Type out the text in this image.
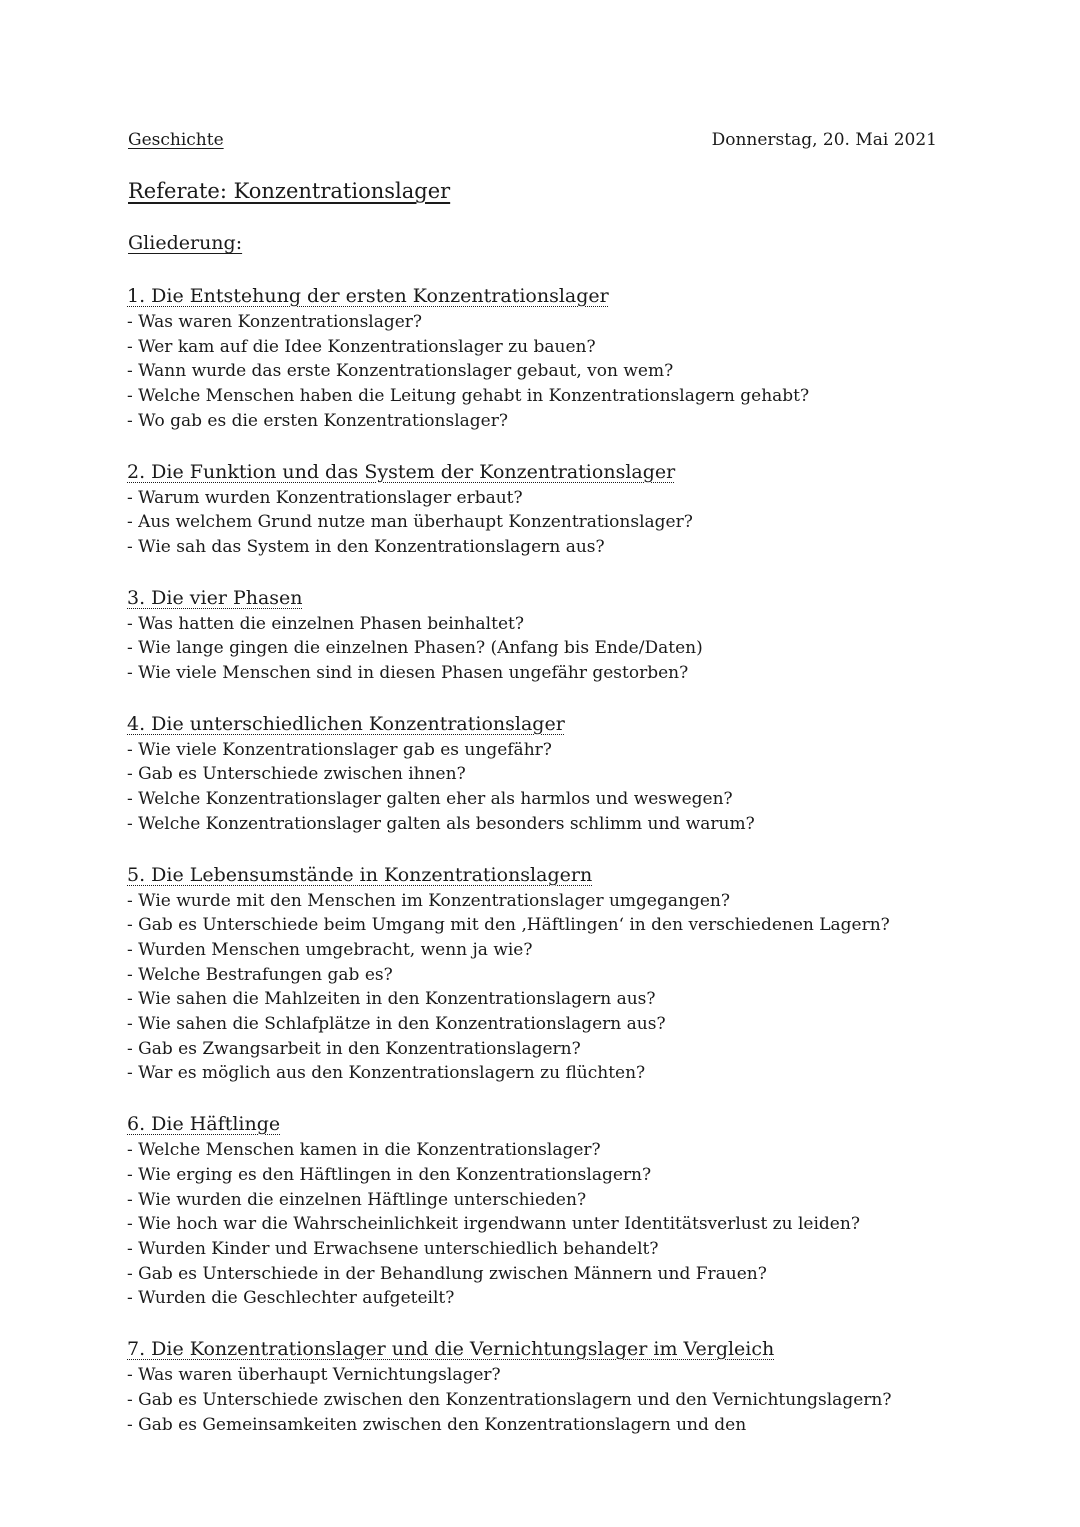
Geschichte	Donnerstag, 20. Mai 2021
Referate: Konzentrationslager
Gliederung:
1. Die Entstehung der ersten Konzentrationslager
- Was waren Konzentrationslager?
- Wer kam auf die Idee Konzentrationslager zu bauen?
- Wann wurde das erste Konzentrationslager gebaut, von wem?
- Welche Menschen haben die Leitung gehabt in Konzentrationslagern gehabt?
- Wo gab es die ersten Konzentrationslager?
2. Die Funktion und das System der Konzentrationslager
- Warum wurden Konzentrationslager erbaut?
- Aus welchem Grund nutze man überhaupt Konzentrationslager?
- Wie sah das System in den Konzentrationslagern aus?
3. Die vier Phasen
- Was hatten die einzelnen Phasen beinhaltet?
- Wie lange gingen die einzelnen Phasen? (Anfang bis Ende/Daten)
- Wie viele Menschen sind in diesen Phasen ungefähr gestorben?
4. Die unterschiedlichen Konzentrationslager
- Wie viele Konzentrationslager gab es ungefähr?
- Gab es Unterschiede zwischen ihnen?
- Welche Konzentrationslager galten eher als harmlos und weswegen?
- Welche Konzentrationslager galten als besonders schlimm und warum?
5. Die Lebensumstände in Konzentrationslagern
- Wie wurde mit den Menschen im Konzentrationslager umgegangen?
- Gab es Unterschiede beim Umgang mit den ‚Häftlingen‘ in den verschiedenen Lagern?
- Wurden Menschen umgebracht, wenn ja wie?
- Welche Bestrafungen gab es?
- Wie sahen die Mahlzeiten in den Konzentrationslagern aus?
- Wie sahen die Schlafplätze in den Konzentrationslagern aus?
- Gab es Zwangsarbeit in den Konzentrationslagern?
- War es möglich aus den Konzentrationslagern zu flüchten?
6. Die Häftlinge
- Welche Menschen kamen in die Konzentrationslager?
- Wie erging es den Häftlingen in den Konzentrationslagern?
- Wie wurden die einzelnen Häftlinge unterschieden?
- Wie hoch war die Wahrscheinlichkeit irgendwann unter Identitätsverlust zu leiden?
- Wurden Kinder und Erwachsene unterschiedlich behandelt?
- Gab es Unterschiede in der Behandlung zwischen Männern und Frauen?
- Wurden die Geschlechter aufgeteilt?
7. Die Konzentrationslager und die Vernichtungslager im Vergleich
- Was waren überhaupt Vernichtungslager?
- Gab es Unterschiede zwischen den Konzentrationslagern und den Vernichtungslagern?
- Gab es Gemeinsamkeiten zwischen den Konzentrationslagern und den
